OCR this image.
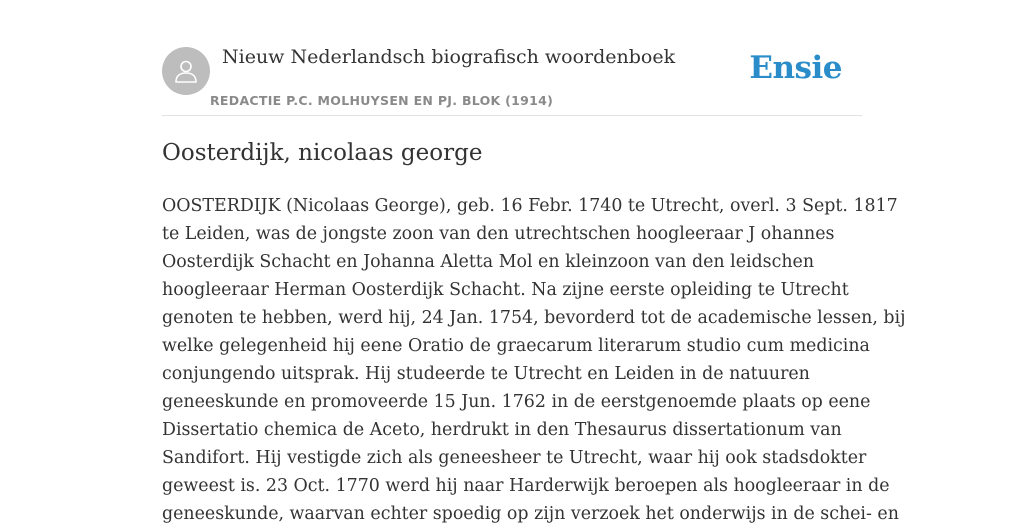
Nieuw Nederlandsch biografisch woordenboek
REDACTIE P.C. MOLHUYSEN EN PJ. BLOK (1914)
Ensie
Oosterdijk, nicolaas george
OOSTERDIJK (Nicolaas George), geb. 16 Febr. 1740 te Utrecht, overl. 3 Sept. 1817
te Leiden, was de jongste zoon van den utrechtschen hoogleeraar J ohannes
Oosterdijk Schacht en Johanna Aletta Mol en kleinzoon van den leidschen
hoogleeraar Herman Oosterdijk Schacht. Na zijne eerste opleiding te Utrecht
genoten te hebben, werd hij, 24 Jan. 1754, bevorderd tot de academische lessen, bij
welke gelegenheid hij eene Oratio de graecarum literarum studio cum medicina
conjungendo uitsprak. Hij studeerde te Utrecht en Leiden in de natuuren
geneeskunde en promoveerde 15 Jun. 1762 in de eerstgenoemde plaats op eene
Dissertatio chemica de Aceto, herdrukt in den Thesaurus dissertationum van
Sandifort. Hij vestigde zich als geneesheer te Utrecht, waar hij ook stadsdokter
geweest is. 23 Oct. 1770 werd hij naar Harderwijk beroepen als hoogleeraar in de
geneeskunde, waarvan echter spoedig op zijn verzoek het onderwijs in de schei- en
